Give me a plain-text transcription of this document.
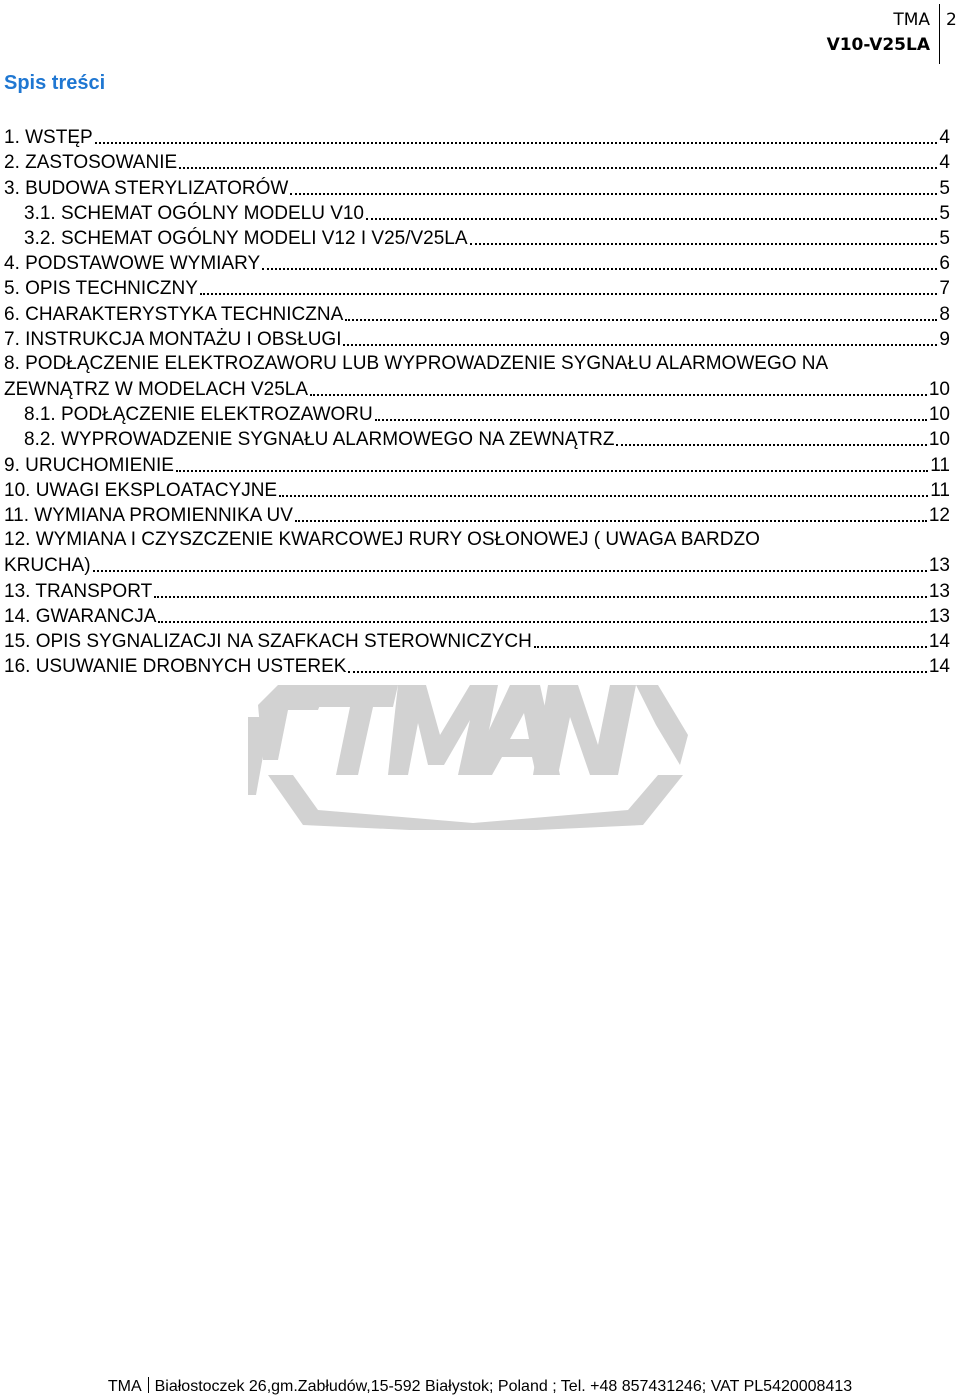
TMA
V10-V25LA
2
Spis treści
1. WSTĘP	4
2. ZASTOSOWANIE	4
3. BUDOWA STERYLIZATORÓW	5
3.1. SCHEMAT OGÓLNY MODELU V10	5
3.2. SCHEMAT OGÓLNY MODELI V12 I V25/V25LA	5
4. PODSTAWOWE WYMIARY	6
5. OPIS TECHNICZNY	7
6. CHARAKTERYSTYKA TECHNICZNA	8
7. INSTRUKCJA MONTAŻU I OBSŁUGI	9
8. PODŁĄCZENIE ELEKTROZAWORU LUB WYPROWADZENIE SYGNAŁU ALARMOWEGO NA
ZEWNĄTRZ W MODELACH V25LA	10
8.1. PODŁĄCZENIE ELEKTROZAWORU	10
8.2. WYPROWADZENIE SYGNAŁU ALARMOWEGO NA ZEWNĄTRZ	10
9. URUCHOMIENIE	11
10. UWAGI EKSPLOATACYJNE	11
11. WYMIANA PROMIENNIKA UV	12
12. WYMIANA I CZYSZCZENIE KWARCOWEJ RURY OSŁONOWEJ ( UWAGA BARDZO
KRUCHA)	13
13. TRANSPORT	13
14. GWARANCJA	13
15. OPIS SYGNALIZACJI NA SZAFKACH STEROWNICZYCH	14
16. USUWANIE DROBNYCH USTEREK	14
TMA Białostoczek 26,gm.Zabłudów,15-592 Białystok; Poland ; Tel. +48 857431246; VAT PL5420008413
